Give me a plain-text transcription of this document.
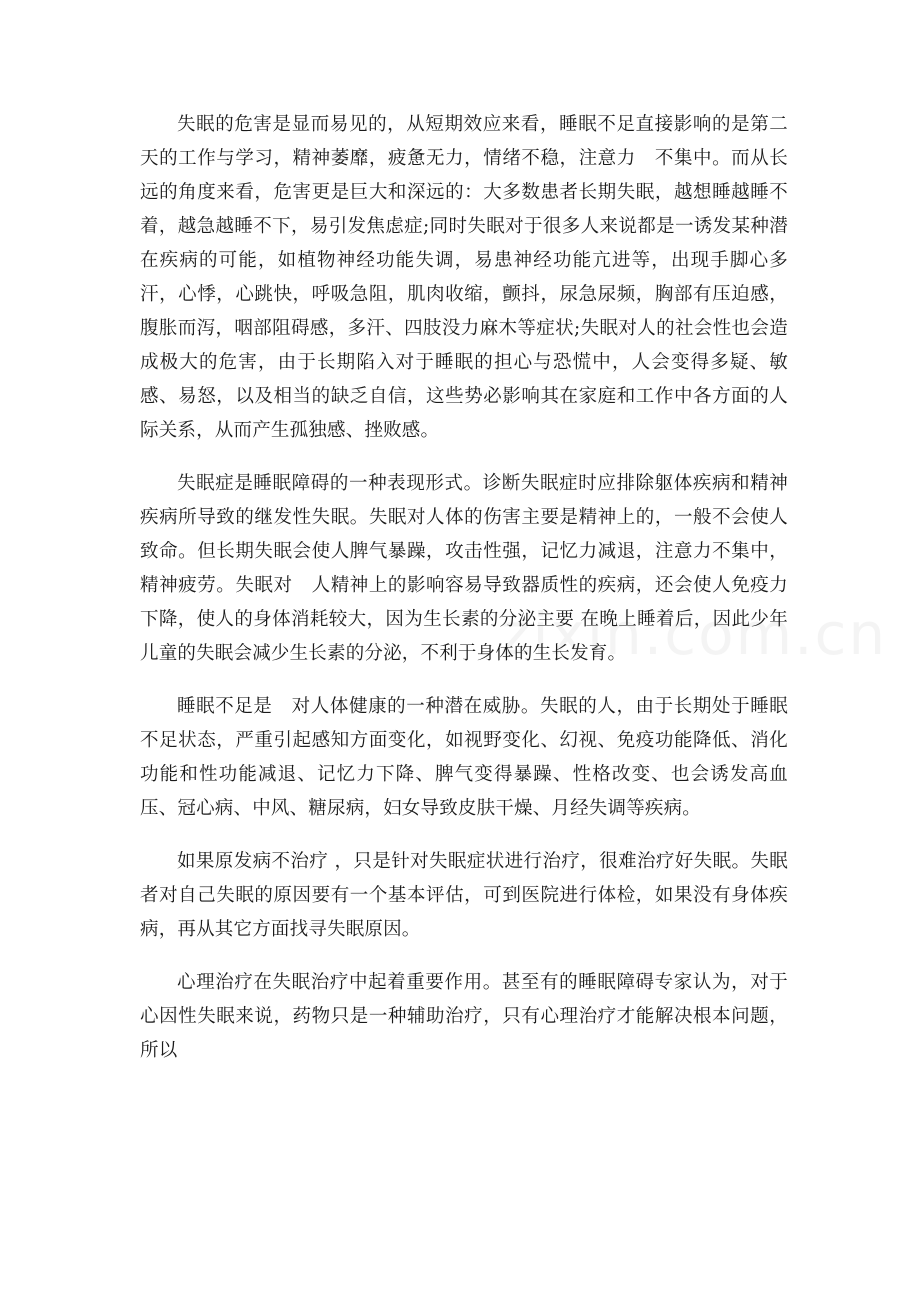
失眠的危害是显而易见的，从短期效应来看，睡眠不足直接影响的是第二天的工作与学习，精神萎靡，疲惫无力，情绪不稳，注意力　不集中。而从长远的角度来看，危害更是巨大和深远的：大多数患者长期失眠，越想睡越睡不着，越急越睡不下，易引发焦虑症;同时失眠对于很多人来说都是一诱发某种潜在疾病的可能，如植物神经功能失调，易患神经功能亢进等，出现手脚心多汗，心悸，心跳快，呼吸急阻，肌肉收缩，颤抖，尿急尿频，胸部有压迫感，腹胀而泻，咽部阻碍感，多汗、四肢没力麻木等症状;失眠对人的社会性也会造成极大的危害，由于长期陷入对于睡眠的担心与恐慌中，人会变得多疑、敏感、易怒，以及相当的缺乏自信，这些势必影响其在家庭和工作中各方面的人际关系，从而产生孤独感、挫败感。

失眠症是睡眠障碍的一种表现形式。诊断失眠症时应排除躯体疾病和精神疾病所导致的继发性失眠。失眠对人体的伤害主要是精神上的，一般不会使人致命。但长期失眠会使人脾气暴躁，攻击性强，记忆力减退，注意力不集中，精神疲劳。失眠对　人精神上的影响容易导致器质性的疾病，还会使人免疫力下降，使人的身体消耗较大，因为生长素的分泌主要 在晚上睡着后，因此少年儿童的失眠会减少生长素的分泌，不利于身体的生长发育。

睡眠不足是　对人体健康的一种潜在威胁。失眠的人，由于长期处于睡眠不足状态，严重引起感知方面变化，如视野变化、幻视、免疫功能降低、消化功能和性功能减退、记忆力下降、脾气变得暴躁、性格改变、也会诱发高血压、冠心病、中风、糖尿病，妇女导致皮肤干燥、月经失调等疾病。

如果原发病不治疗 ，只是针对失眠症状进行治疗，很难治疗好失眠。失眠者对自己失眠的原因要有一个基本评估，可到医院进行体检，如果没有身体疾病，再从其它方面找寻失眠原因。

心理治疗在失眠治疗中起着重要作用。甚至有的睡眠障碍专家认为，对于心因性失眠来说，药物只是一种辅助治疗，只有心理治疗才能解决根本问题，所以
